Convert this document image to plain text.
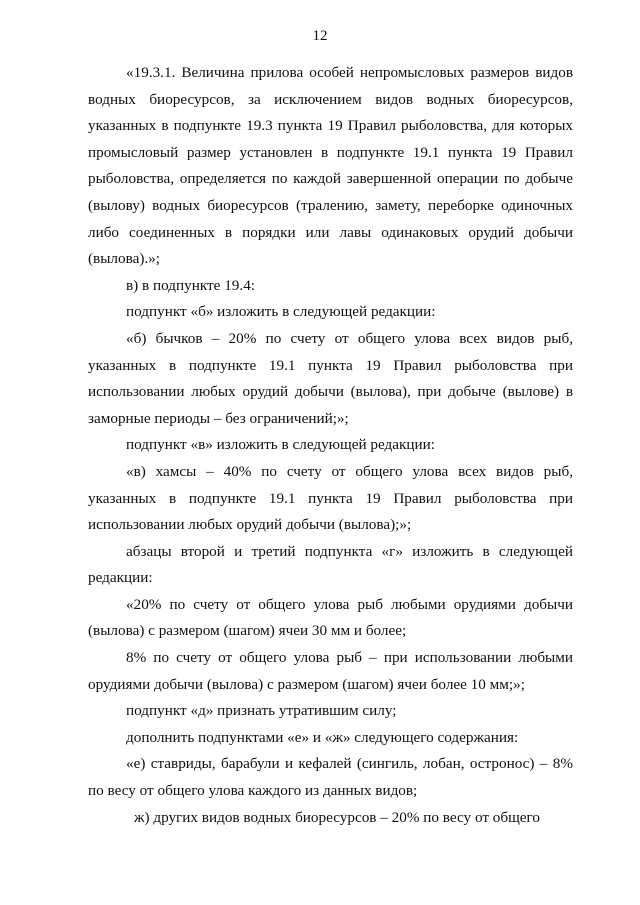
12

«19.3.1. Величина прилова особей непромысловых размеров видов водных биоресурсов, за исключением видов водных биоресурсов, указанных в подпункте 19.3 пункта 19 Правил рыболовства, для которых промысловый размер установлен в подпункте 19.1 пункта 19 Правил рыболовства, определяется по каждой завершенной операции по добыче (вылову) водных биоресурсов (тралению, замету, переборке одиночных либо соединенных в порядки или лавы одинаковых орудий добычи (вылова).»;

в) в подпункте 19.4:

подпункт «б» изложить в следующей редакции:

«б) бычков – 20% по счету от общего улова всех видов рыб, указанных в подпункте 19.1 пункта 19 Правил рыболовства при использовании любых орудий добычи (вылова), при добыче (вылове) в заморные периоды – без ограничений;»;

подпункт «в» изложить в следующей редакции:

«в) хамсы – 40% по счету от общего улова всех видов рыб, указанных в подпункте 19.1 пункта 19 Правил рыболовства при использовании любых орудий добычи (вылова);»;

абзацы второй и третий подпункта «г» изложить в следующей редакции:

«20% по счету от общего улова рыб любыми орудиями добычи (вылова) с размером (шагом) ячеи 30 мм и более;

8% по счету от общего улова рыб – при использовании любыми орудиями добычи (вылова) с размером (шагом) ячеи более 10 мм;»;

подпункт «д» признать утратившим силу;

дополнить подпунктами «е» и «ж» следующего содержания:

«е) ставриды, барабули и кефалей (сингиль, лобан, остронос) – 8% по весу от общего улова каждого из данных видов;

ж) других видов водных биоресурсов – 20% по весу от общего
